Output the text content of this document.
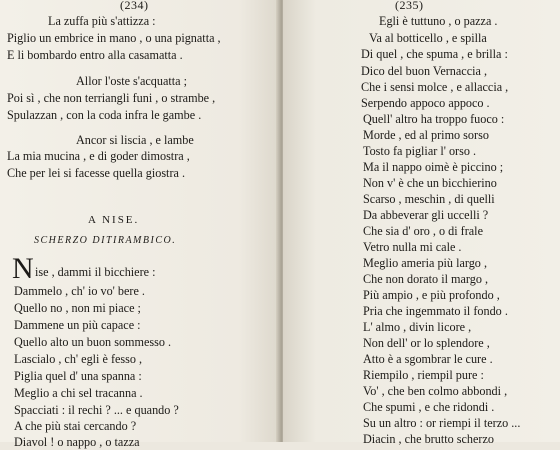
(234)
La zuffa più s'attizza :
Piglio un embrice in mano , o una pignatta ,
E li bombardo entro alla casamatta .
Allor l'oste s'acquatta ;
Poi sì , che non terriangli funi , o strambe ,
Spulazzan , con la coda infra le gambe .
Ancor si liscia , e lambe
La mia mucina , e di goder dimostra ,
Che per lei si facesse quella giostra .
A NISE.
SCHERZO DITIRAMBICO.
N ise , dammi il bicchiere :
Dammelo , ch' io vo' bere .
Quello no , non mi piace ;
Dammene un più capace :
Quello alto un buon sommesso .
Lascialo , ch' egli è fesso ,
Piglia quel d' una spanna :
Meglio a chi sel tracanna .
Spacciati : il rechi ? ... e quando ?
A che più stai cercando ?
Diavol ! o nappo , o tazza
(235)
Egli è tuttuno , o pazza .
Va al botticello , e spilla
Di quel , che spuma , e brilla :
Dico del buon Vernaccia ,
Che i sensi molce , e allaccia ,
Serpendo appoco appoco .
Quell' altro ha troppo fuoco :
Morde , ed al primo sorso
Tosto fa pigliar l' orso .
Ma il nappo oimè è piccino ;
Non v' è che un bicchierino
Scarso , meschin , di quelli
Da abbeverar gli uccelli ?
Che sia d' oro , o di frale
Vetro nulla mi cale .
Meglio ameria più largo ,
Che non dorato il margo ,
Più ampio , e più profondo ,
Pria che ingemmato il fondo .
L' almo , divin licore ,
Non dell' or lo splendore ,
Atto è a sgombrar le cure .
Riempilo , riempil pure :
Vo' , che ben colmo abbondi ,
Che spumi , e che ridondi .
Su un altro : or riempi il terzo ...
Diacin , che brutto scherzo
